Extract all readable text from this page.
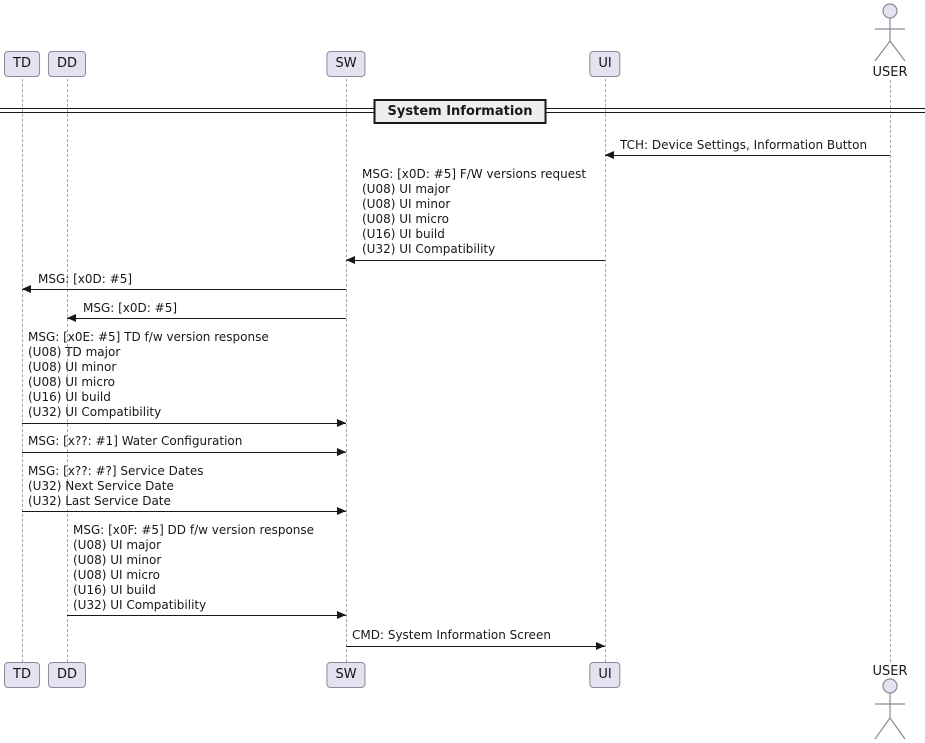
TD	DD	SW	UI
USER
System Information
TCH: Device Settings, Information Button
MSG: [x0D: #5] F/W versions request
(U08) UI major
(U08) UI minor
(U08) UI micro
(U16) UI build
(U32) UI Compatibility
MSG: [x0D: #5]
MSG: [x0D: #5]
MSG: [x0E: #5] TD f/w version response
(U08) TD major
(U08) UI minor
(U08) UI micro
(U16) UI build
(U32) UI Compatibility
MSG: [x??: #1] Water Configuration
MSG: [x??: #?] Service Dates
(U32) Next Service Date
(U32) Last Service Date
MSG: [x0F: #5] DD f/w version response
(U08) UI major
(U08) UI minor
(U08) UI micro
(U16) UI build
(U32) UI Compatibility
CMD: System Information Screen
TD	DD	SW	UI	USER
